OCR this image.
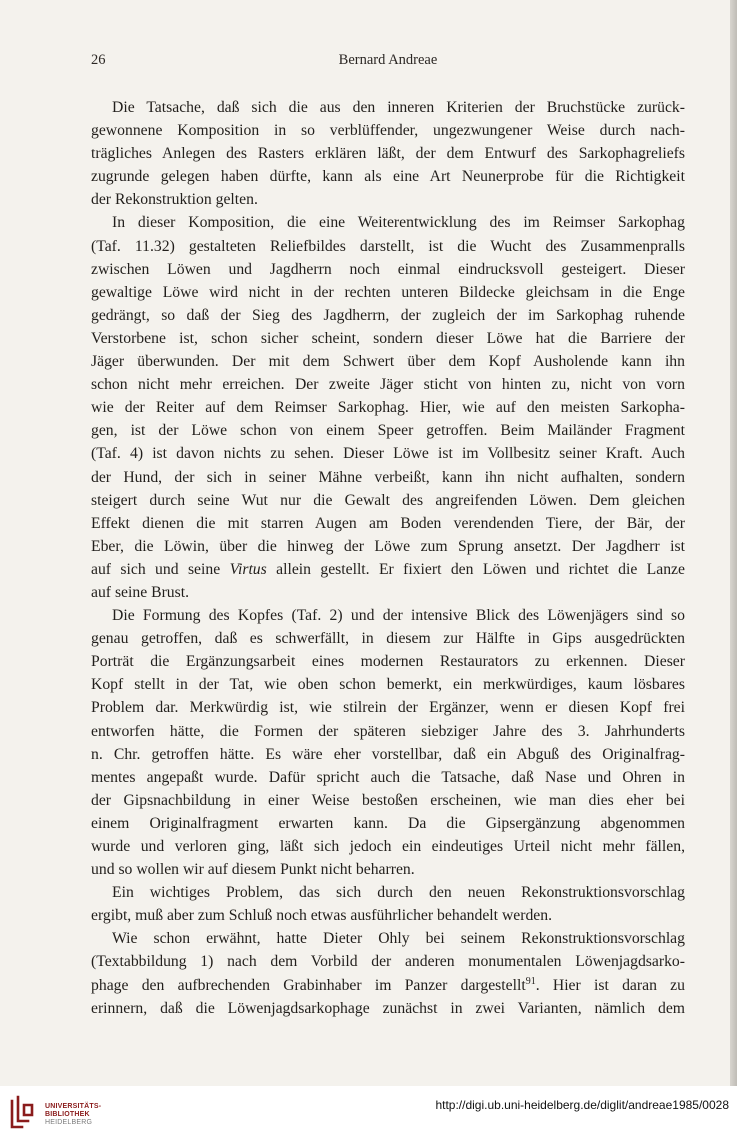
26	Bernard Andreae
Die Tatsache, daß sich die aus den inneren Kriterien der Bruchstücke zurück-
gewonnene Komposition in so verblüffender, ungezwungener Weise durch nach-
trägliches Anlegen des Rasters erklären läßt, der dem Entwurf des Sarkophagreliefs
zugrunde gelegen haben dürfte, kann als eine Art Neunerprobe für die Richtigkeit
der Rekonstruktion gelten.
In dieser Komposition, die eine Weiterentwicklung des im Reimser Sarkophag
(Taf. 11.32) gestalteten Reliefbildes darstellt, ist die Wucht des Zusammenpralls
zwischen Löwen und Jagdherrn noch einmal eindrucksvoll gesteigert. Dieser
gewaltige Löwe wird nicht in der rechten unteren Bildecke gleichsam in die Enge
gedrängt, so daß der Sieg des Jagdherrn, der zugleich der im Sarkophag ruhende
Verstorbene ist, schon sicher scheint, sondern dieser Löwe hat die Barriere der
Jäger überwunden. Der mit dem Schwert über dem Kopf Ausholende kann ihn
schon nicht mehr erreichen. Der zweite Jäger sticht von hinten zu, nicht von vorn
wie der Reiter auf dem Reimser Sarkophag. Hier, wie auf den meisten Sarkopha-
gen, ist der Löwe schon von einem Speer getroffen. Beim Mailänder Fragment
(Taf. 4) ist davon nichts zu sehen. Dieser Löwe ist im Vollbesitz seiner Kraft. Auch
der Hund, der sich in seiner Mähne verbeißt, kann ihn nicht aufhalten, sondern
steigert durch seine Wut nur die Gewalt des angreifenden Löwen. Dem gleichen
Effekt dienen die mit starren Augen am Boden verendenden Tiere, der Bär, der
Eber, die Löwin, über die hinweg der Löwe zum Sprung ansetzt. Der Jagdherr ist
auf sich und seine Virtus allein gestellt. Er fixiert den Löwen und richtet die Lanze
auf seine Brust.
Die Formung des Kopfes (Taf. 2) und der intensive Blick des Löwenjägers sind so
genau getroffen, daß es schwerfällt, in diesem zur Hälfte in Gips ausgedrückten
Porträt die Ergänzungsarbeit eines modernen Restaurators zu erkennen. Dieser
Kopf stellt in der Tat, wie oben schon bemerkt, ein merkwürdiges, kaum lösbares
Problem dar. Merkwürdig ist, wie stilrein der Ergänzer, wenn er diesen Kopf frei
entworfen hätte, die Formen der späteren siebziger Jahre des 3. Jahrhunderts
n. Chr. getroffen hätte. Es wäre eher vorstellbar, daß ein Abguß des Originalfrag-
mentes angepaßt wurde. Dafür spricht auch die Tatsache, daß Nase und Ohren in
der Gipsnachbildung in einer Weise bestoßen erscheinen, wie man dies eher bei
einem Originalfragment erwarten kann. Da die Gipsergänzung abgenommen
wurde und verloren ging, läßt sich jedoch ein eindeutiges Urteil nicht mehr fällen,
und so wollen wir auf diesem Punkt nicht beharren.
Ein wichtiges Problem, das sich durch den neuen Rekonstruktionsvorschlag
ergibt, muß aber zum Schluß noch etwas ausführlicher behandelt werden.
Wie schon erwähnt, hatte Dieter Ohly bei seinem Rekonstruktionsvorschlag
(Textabbildung 1) nach dem Vorbild der anderen monumentalen Löwenjagdsarko-
phage den aufbrechenden Grabinhaber im Panzer dargestellt$^{91}$. Hier ist daran zu
erinnern, daß die Löwenjagdsarkophage zunächst in zwei Varianten, nämlich dem
UNIVERSITÄTS-
BIBLIOTHEK
HEIDELBERG
http://digi.ub.uni-heidelberg.de/diglit/andreae1985/0028
